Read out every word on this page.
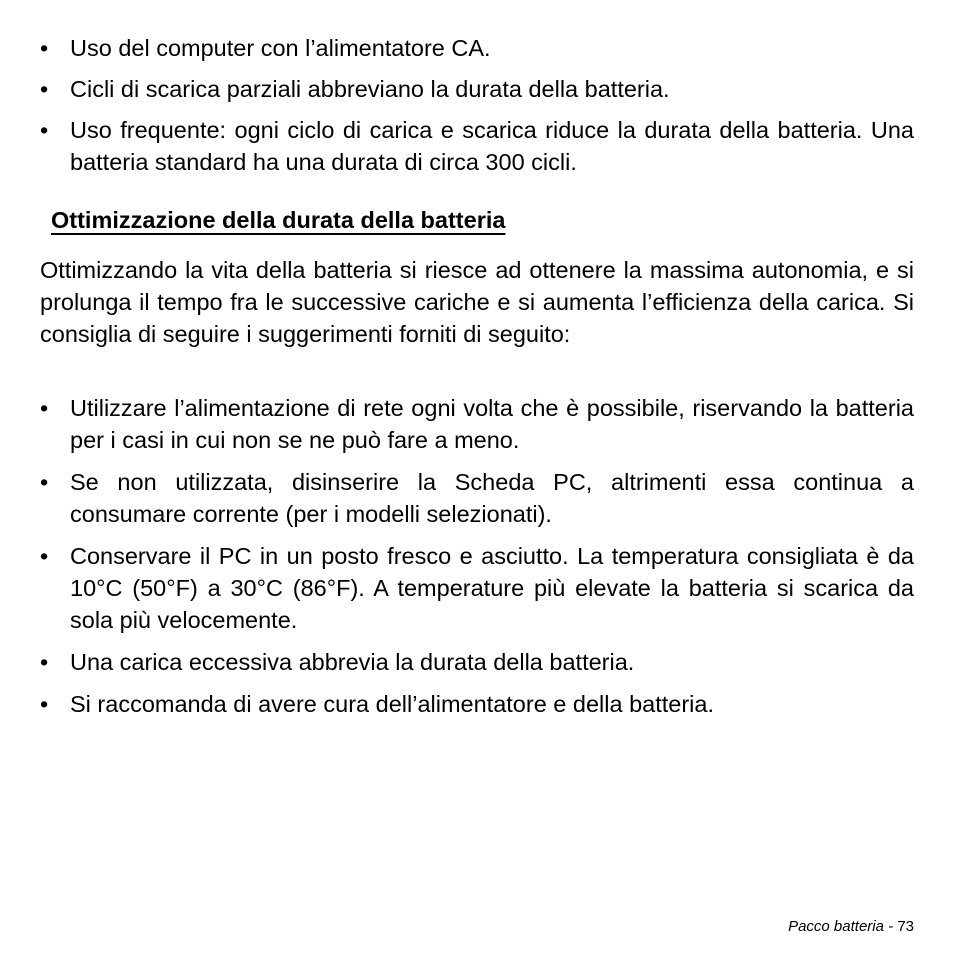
• Uso del computer con l’alimentatore CA.
• Cicli di scarica parziali abbreviano la durata della batteria.
• Uso frequente: ogni ciclo di carica e scarica riduce la durata della batteria. Una batteria standard ha una durata di circa 300 cicli.
Ottimizzazione della durata della batteria

Ottimizzando la vita della batteria si riesce ad ottenere la massima autonomia, e si prolunga il tempo fra le successive cariche e si aumenta l’efficienza della carica. Si consiglia di seguire i suggerimenti forniti di seguito:

• Utilizzare l’alimentazione di rete ogni volta che è possibile, riservando la batteria per i casi in cui non se ne può fare a meno.
• Se non utilizzata, disinserire la Scheda PC, altrimenti essa continua a consumare corrente (per i modelli selezionati).
• Conservare il PC in un posto fresco e asciutto. La temperatura consigliata è da 10°C (50°F) a 30°C (86°F). A temperature più elevate la batteria si scarica da sola più velocemente.
• Una carica eccessiva abbrevia la durata della batteria.
• Si raccomanda di avere cura dell’alimentatore e della batteria.
Pacco batteria - 73
